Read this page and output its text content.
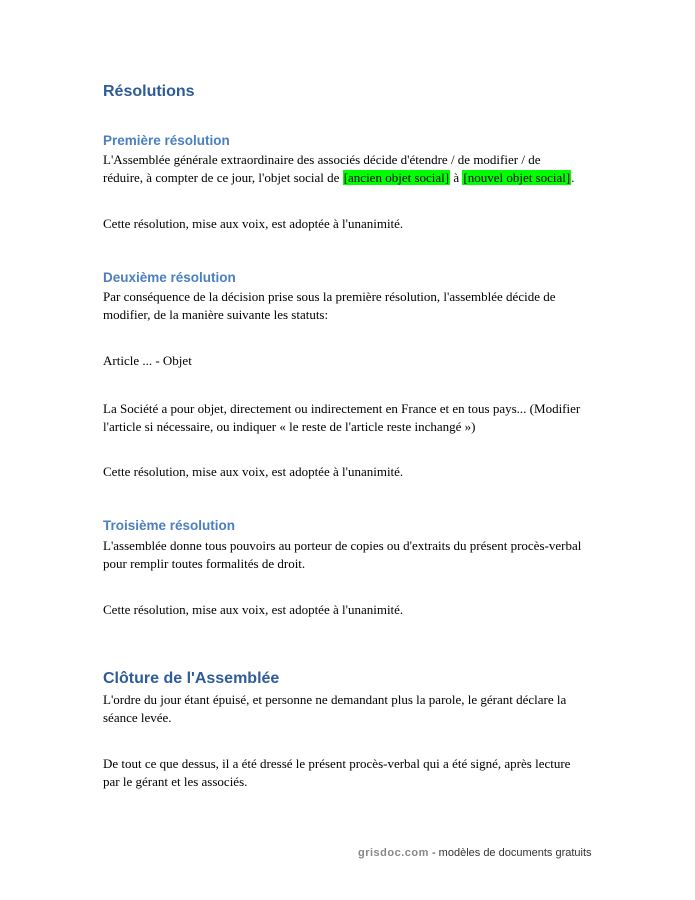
Résolutions
Première résolution
L'Assemblée générale extraordinaire des associés décide d'étendre / de modifier / de réduire, à compter de ce jour, l'objet social de [ancien objet social] à [nouvel objet social].
Cette résolution, mise aux voix, est adoptée à l'unanimité.
Deuxième résolution
Par conséquence de la décision prise sous la première résolution, l'assemblée décide de modifier, de la manière suivante les statuts:
Article ... - Objet
La Société a pour objet, directement ou indirectement en France et en tous pays... (Modifier l'article si nécessaire, ou indiquer « le reste de l'article reste inchangé »)
Cette résolution, mise aux voix, est adoptée à l'unanimité.
Troisième résolution
L'assemblée donne tous pouvoirs au porteur de copies ou d'extraits du présent procès-verbal pour remplir toutes formalités de droit.
Cette résolution, mise aux voix, est adoptée à l'unanimité.
Clôture de l'Assemblée
L'ordre du jour étant épuisé, et personne ne demandant plus la parole, le gérant déclare la séance levée.
De tout ce que dessus, il a été dressé le présent procès-verbal qui a été signé, après lecture par le gérant et les associés.
grisdoc.com - modèles de documents gratuits
